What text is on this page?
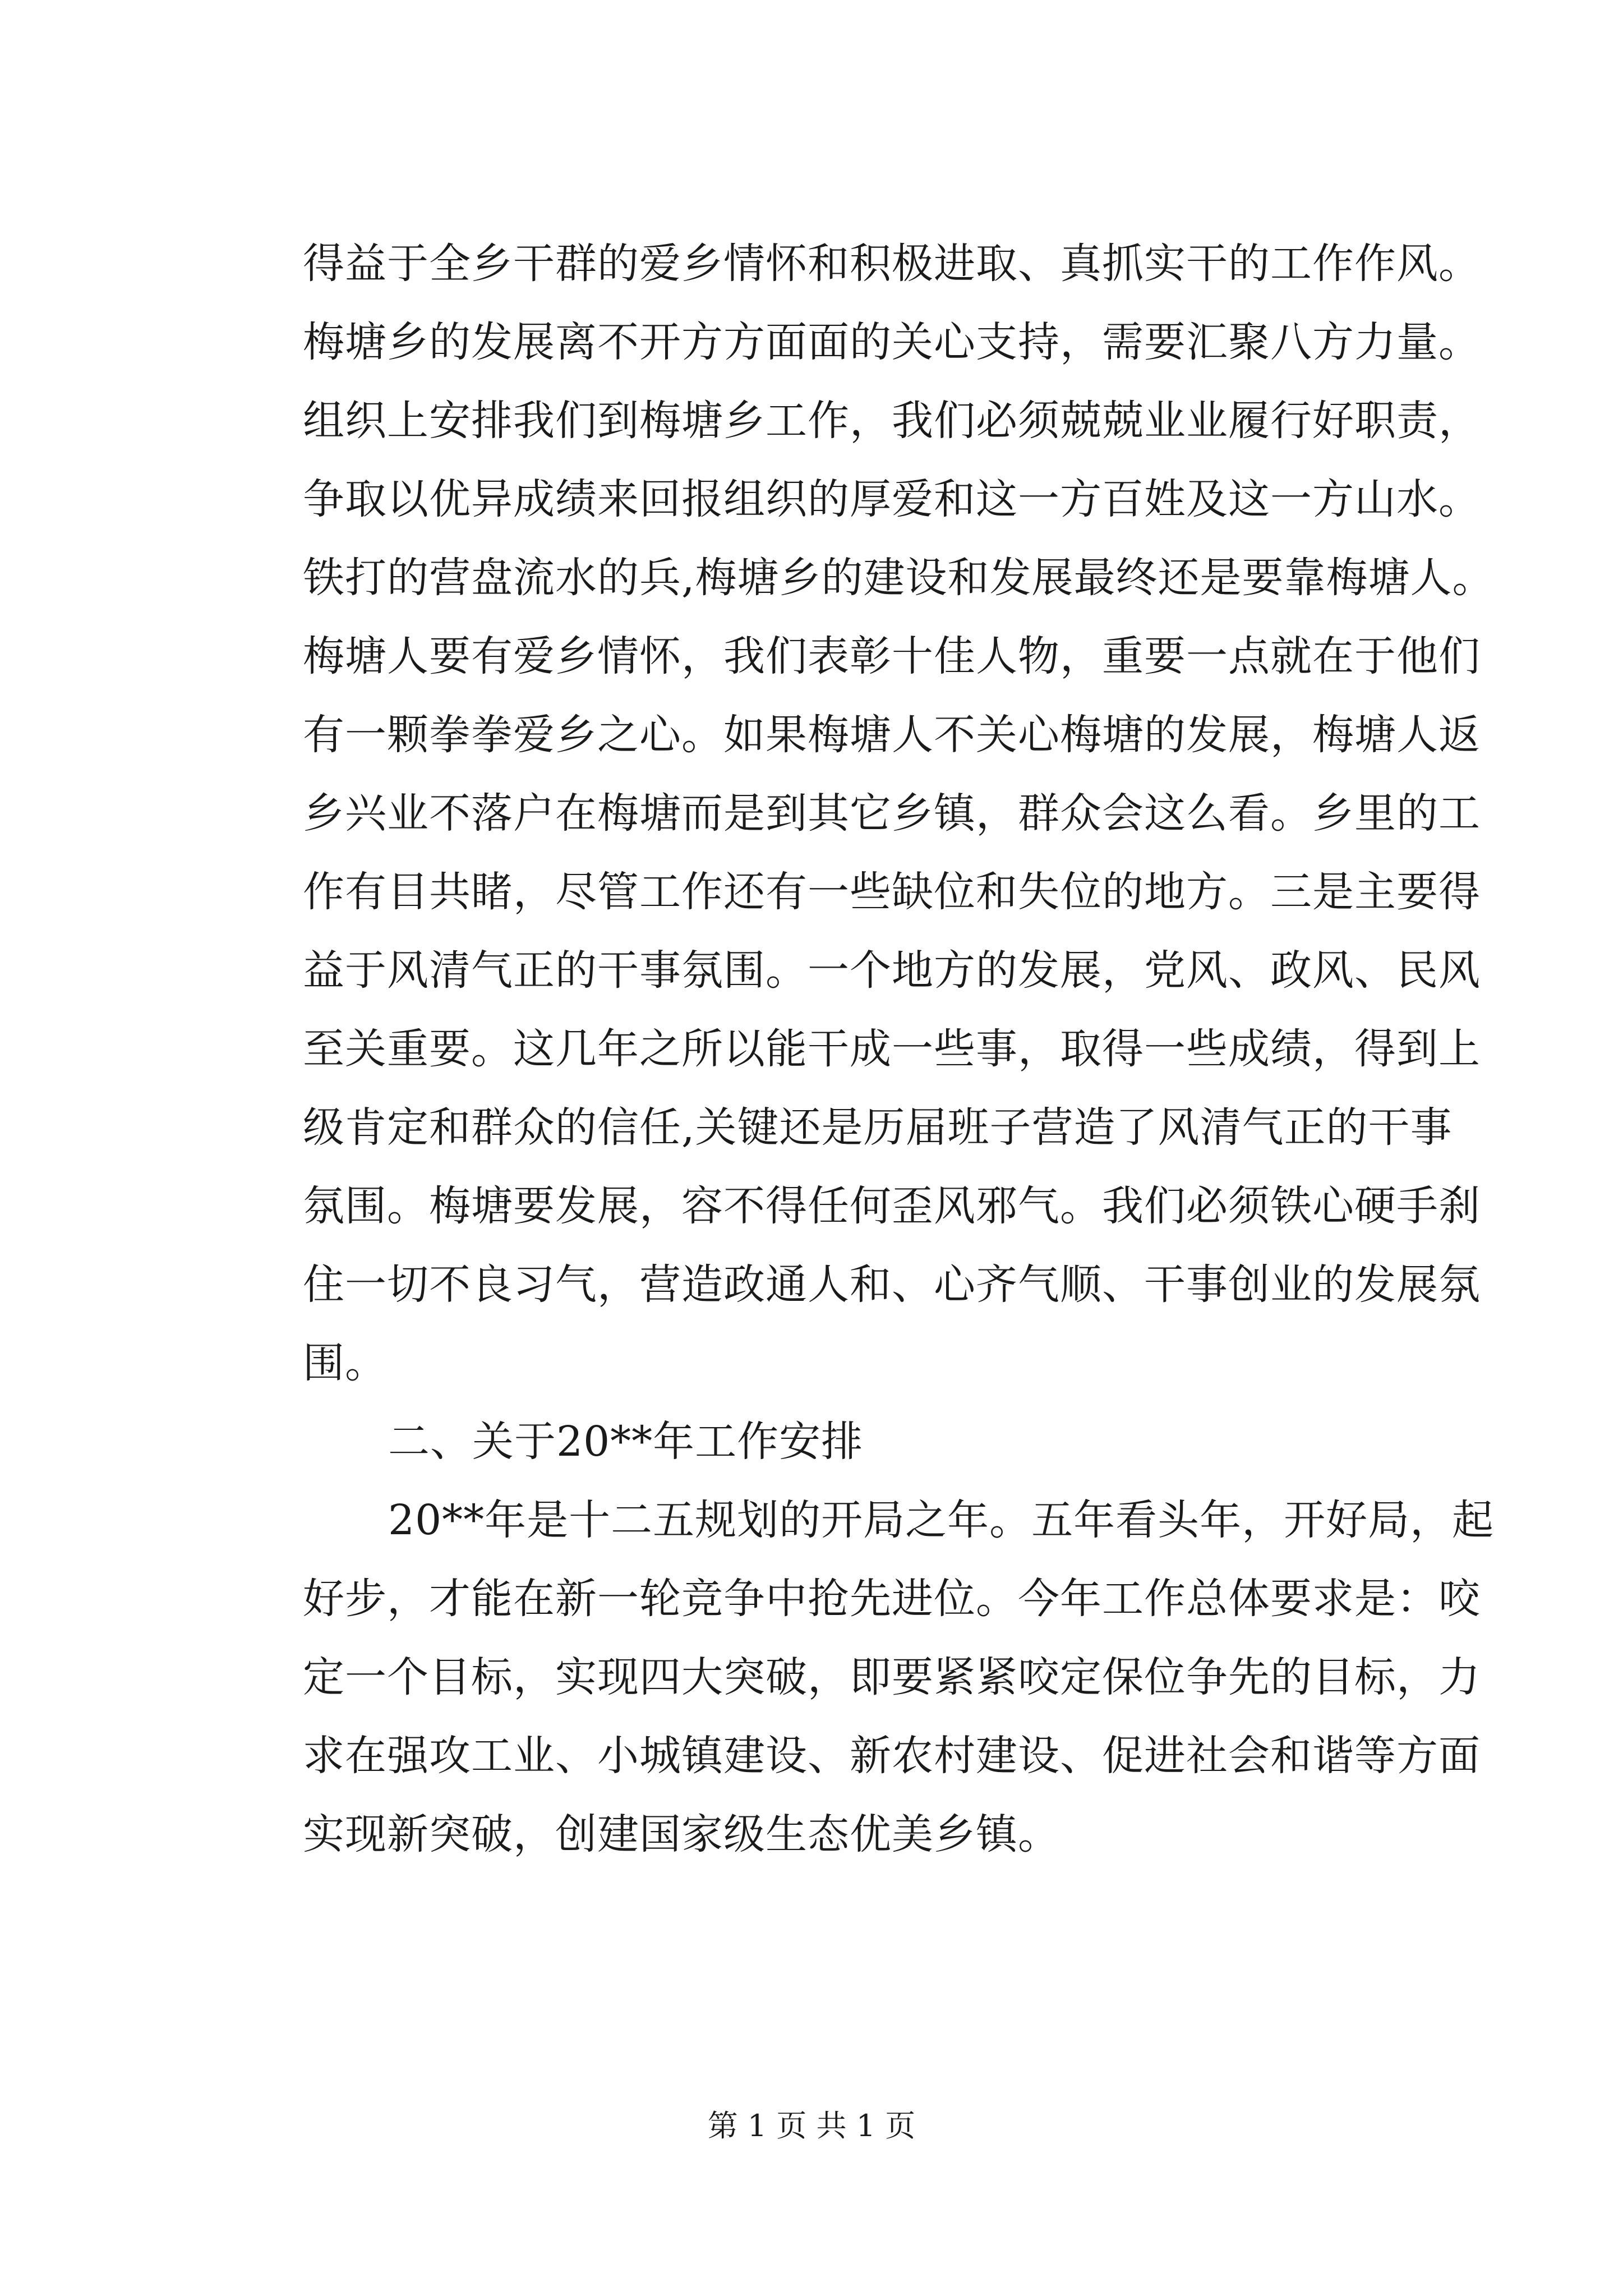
得益于全乡干群的爱乡情怀和积极进取、真抓实干的工作作风。
梅塘乡的发展离不开方方面面的关心支持，需要汇聚八方力量。
组织上安排我们到梅塘乡工作，我们必须兢兢业业履行好职责，
争取以优异成绩来回报组织的厚爱和这一方百姓及这一方山水。
铁打的营盘流水的兵,梅塘乡的建设和发展最终还是要靠梅塘人。
梅塘人要有爱乡情怀，我们表彰十佳人物，重要一点就在于他们
有一颗拳拳爱乡之心。如果梅塘人不关心梅塘的发展，梅塘人返
乡兴业不落户在梅塘而是到其它乡镇，群众会这么看。乡里的工
作有目共睹，尽管工作还有一些缺位和失位的地方。三是主要得
益于风清气正的干事氛围。一个地方的发展，党风、政风、民风
至关重要。这几年之所以能干成一些事，取得一些成绩，得到上
级肯定和群众的信任,关键还是历届班子营造了风清气正的干事
氛围。梅塘要发展，容不得任何歪风邪气。我们必须铁心硬手刹
住一切不良习气，营造政通人和、心齐气顺、干事创业的发展氛
围。
二、关于20**年工作安排
20**年是十二五规划的开局之年。五年看头年，开好局，起
好步，才能在新一轮竞争中抢先进位。今年工作总体要求是：咬
定一个目标，实现四大突破，即要紧紧咬定保位争先的目标，力
求在强攻工业、小城镇建设、新农村建设、促进社会和谐等方面
实现新突破，创建国家级生态优美乡镇。
第 1 页 共 1 页
